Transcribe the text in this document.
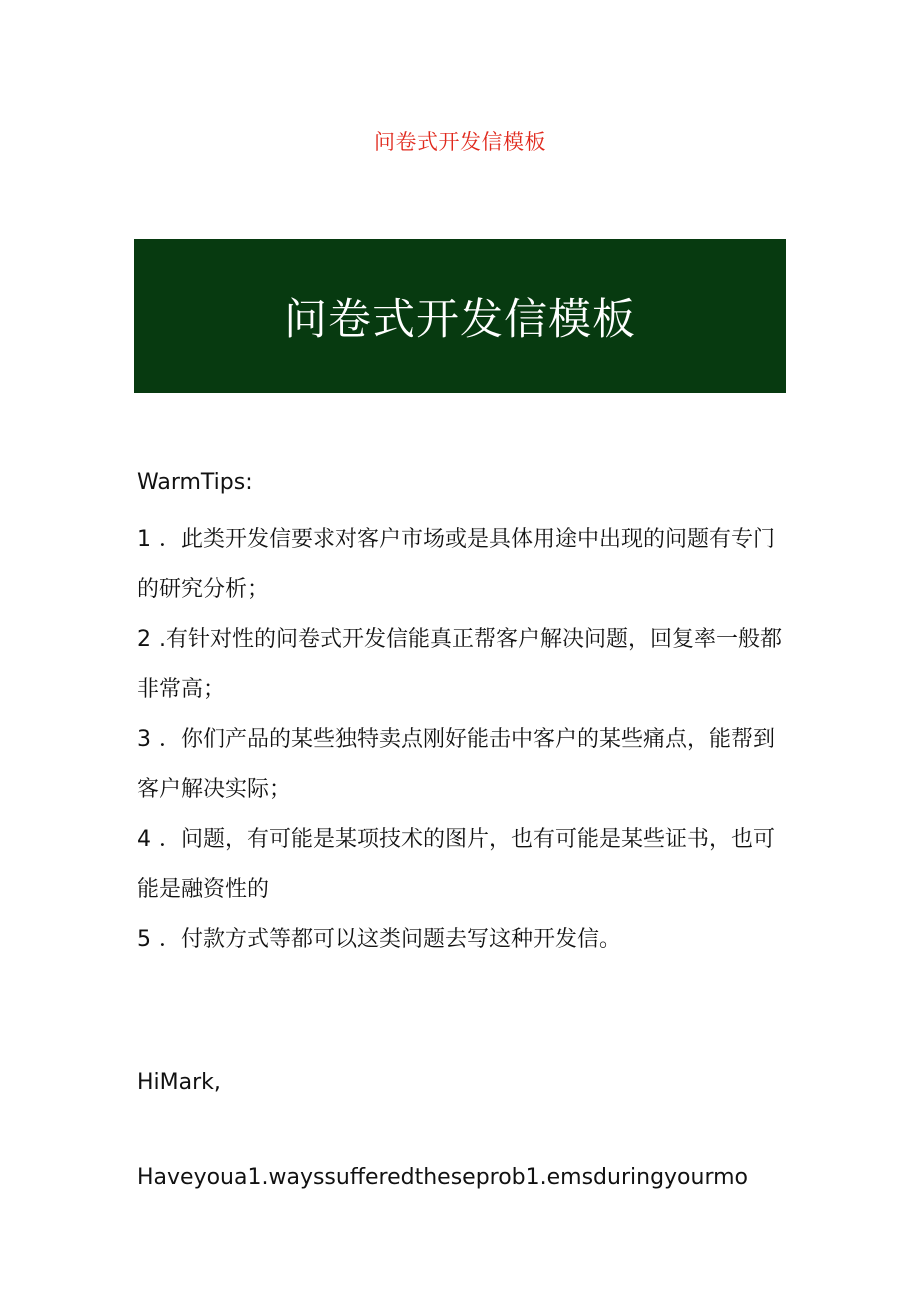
问卷式开发信模板
问卷式开发信模板
WarmTips:
1 ．此类开发信要求对客户市场或是具体用途中出现的问题有专门的研究分析；
2 .有针对性的问卷式开发信能真正帮客户解决问题，回复率一般都非常高；
3 ．你们产品的某些独特卖点刚好能击中客户的某些痛点，能帮到客户解决实际；
4 ．问题，有可能是某项技术的图片，也有可能是某些证书，也可能是融资性的
5 ．付款方式等都可以这类问题去写这种开发信。
HiMark,
Haveyoua1.wayssufferedtheseprob1.emsduringyourmo
